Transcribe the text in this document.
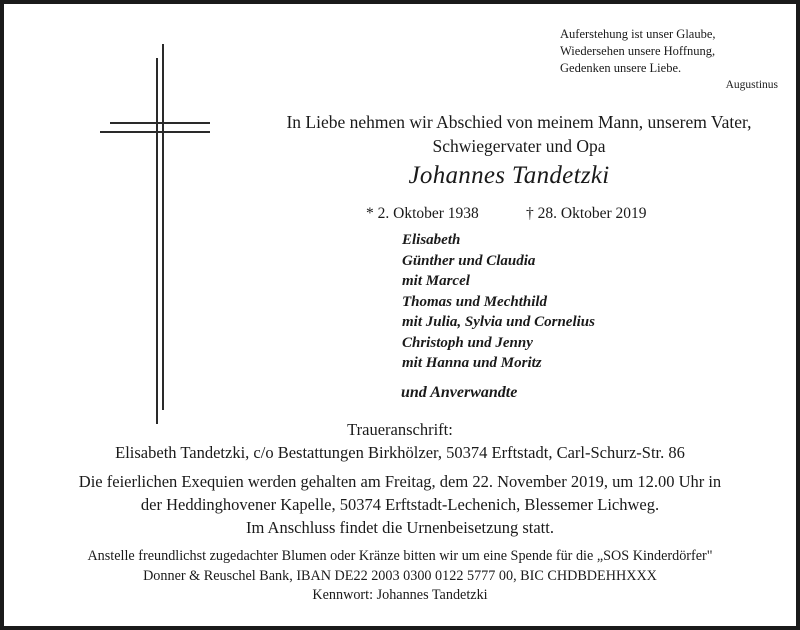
Auferstehung ist unser Glaube,
Wiedersehen unsere Hoffnung,
Gedenken unsere Liebe.
Augustinus
In Liebe nehmen wir Abschied von meinem Mann, unserem Vater,
Schwiegervater und Opa
Johannes Tandetzki
* 2. Oktober 1938	† 28. Oktober 2019
Elisabeth
Günther und Claudia
mit Marcel
Thomas und Mechthild
mit Julia, Sylvia und Cornelius
Christoph und Jenny
mit Hanna und Moritz
und Anverwandte
Traueranschrift:
Elisabeth Tandetzki, c/o Bestattungen Birkhölzer, 50374 Erftstadt, Carl-Schurz-Str. 86
Die feierlichen Exequien werden gehalten am Freitag, dem 22. November 2019, um 12.00 Uhr in
der Heddinghovener Kapelle, 50374 Erftstadt-Lechenich, Blessemer Lichweg.
Im Anschluss findet die Urnenbeisetzung statt.
Anstelle freundlichst zugedachter Blumen oder Kränze bitten wir um eine Spende für die „SOS Kinderdörfer"
Donner & Reuschel Bank, IBAN DE22 2003 0300 0122 5777 00, BIC CHDBDEHHXXX
Kennwort: Johannes Tandetzki
